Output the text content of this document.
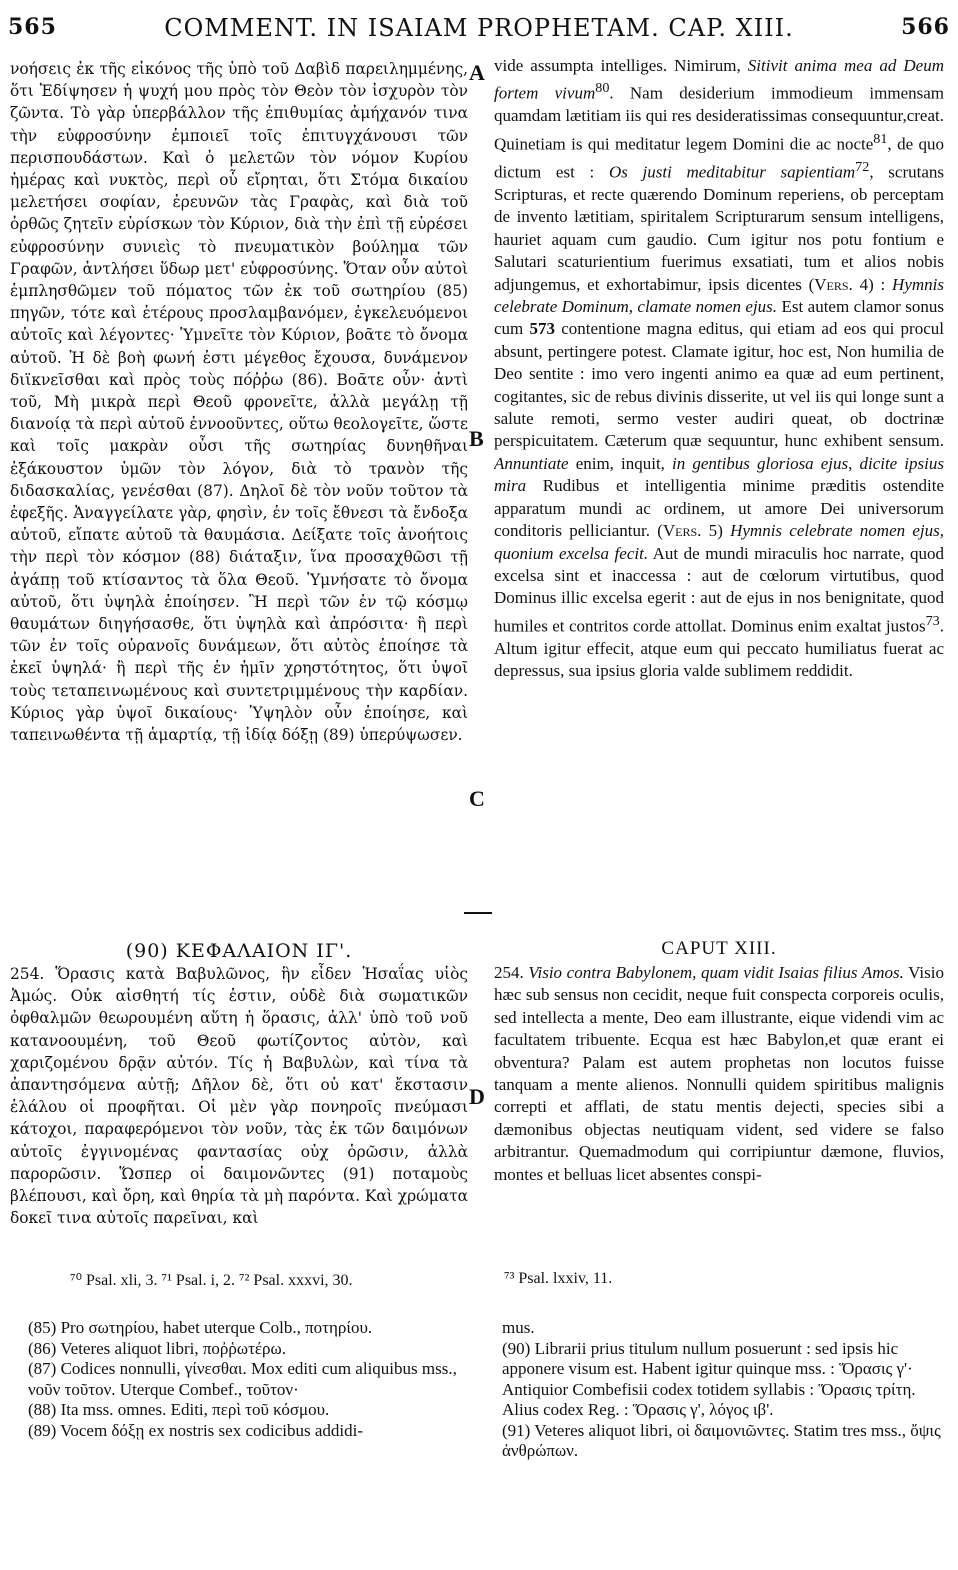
565	COMMENT. IN ISAIAM PROPHETAM. CAP. XIII.	566
νοήσεις ἐκ τῆς εἰκόνος τῆς ὑπὸ τοῦ Δαβὶδ παρειλημμένης, ὅτι Ἐδίψησεν ἡ ψυχή μου πρὸς τὸν Θεὸν τὸν ἰσχυρὸν τὸν ζῶντα. Τὸ γὰρ ὑπερβάλλον τῆς ἐπιθυμίας ἀμήχανόν τινα τὴν εὐφροσύνην ἐμποιεῖ τοῖς ἐπιτυγχάνουσι τῶν περισπουδάστων. Καὶ ὁ μελετῶν τὸν νόμον Κυρίου ἡμέρας καὶ νυκτὸς, περὶ οὗ εἴρηται, ὅτι Στόμα δικαίου μελετήσει σοφίαν, ἐρευνῶν τὰς Γραφὰς, καὶ διὰ τοῦ ὀρθῶς ζητεῖν εὑρίσκων τὸν Κύριον, διὰ τὴν ἐπὶ τῇ εὑρέσει εὐφροσύνην συνιεὶς τὸ πνευματικὸν βούλημα τῶν Γραφῶν, ἀντλήσει ὕδωρ μετ' εὐφροσύνης. Ὅταν οὖν αὐτοὶ ἐμπλησθῶμεν τοῦ πόματος τῶν ἐκ τοῦ σωτηρίου (85) πηγῶν, τότε καὶ ἑτέρους προσλαμβανόμεν, ἐγκελευόμενοι αὐτοῖς καὶ λέγοντες· Ὑμνεῖτε τὸν Κύριον, βοᾶτε τὸ ὄνομα αὐτοῦ. Ἡ δὲ βοὴ φωνή ἐστι μέγεθος ἔχουσα, δυνάμενον διϊκνεῖσθαι καὶ πρὸς τοὺς πόῤῥω (86). Βοᾶτε οὖν· ἀντὶ τοῦ, Μὴ μικρὰ περὶ Θεοῦ φρονεῖτε, ἀλλὰ μεγάλῃ τῇ διανοίᾳ τὰ περὶ αὐτοῦ ἐννοοῦντες, οὕτω θεολογεῖτε, ὥστε καὶ τοῖς μακρὰν οὖσι τῆς σωτηρίας δυνηθῆναι ἐξάκουστον ὑμῶν τὸν λόγον, διὰ τὸ τρανὸν τῆς διδασκαλίας, γενέσθαι (87). Δηλοῖ δὲ τὸν νοῦν τοῦτον τὰ ἐφεξῆς. Ἀναγγείλατε γὰρ, φησὶν, ἐν τοῖς ἔθνεσι τὰ ἔνδοξα αὐτοῦ, εἴπατε αὐτοῦ τὰ θαυμάσια. Δείξατε τοῖς ἀνοήτοις τὴν περὶ τὸν κόσμον (88) διάταξιν, ἵνα προσαχθῶσι τῇ ἀγάπῃ τοῦ κτίσαντος τὰ ὅλα Θεοῦ. Ὑμνήσατε τὸ ὄνομα αὐτοῦ, ὅτι ὑψηλὰ ἐποίησεν. Ἢ περὶ τῶν ἐν τῷ κόσμῳ θαυμάτων διηγήσασθε, ὅτι ὑψηλὰ καὶ ἀπρόσιτα· ἢ περὶ τῶν ἐν τοῖς οὐρανοῖς δυνάμεων, ὅτι αὐτὸς ἐποίησε τὰ ἐκεῖ ὑψηλά· ἢ περὶ τῆς ἐν ἡμῖν χρηστότητος, ὅτι ὑψοῖ τοὺς τεταπεινωμένους καὶ συντετριμμένους τὴν καρδίαν. Κύριος γὰρ ὑψοῖ δικαίους· Ὑψηλὸν οὖν ἐποίησε, καὶ ταπεινωθέντα τῇ ἁμαρτίᾳ, τῇ ἰδίᾳ δόξῃ (89) ὑπερύψωσεν.
vide assumpta intelliges. Nimirum, Sitivit anima mea ad Deum fortem vivum$^{80}$. Nam desiderium immodieum immensam quamdam lætitiam iis qui res desideratissimas consequuntur,creat. Quinetiam is qui meditatur legem Domini die ac nocte$^{81}$, de quo dictum est : Os justi meditabitur sapientiam$^{72}$, scrutans Scripturas, et recte quærendo Dominum reperiens, ob perceptam de invento lætitiam, spiritalem Scripturarum sensum intelligens, hauriet aquam cum gaudio. Cum igitur nos potu fontium e Salutari scaturientium fuerimus exsatiati, tum et alios nobis adjungemus, et exhortabimur, ipsis dicentes (Vers. 4) : Hymnis celebrate Dominum, clamate nomen ejus. Est autem clamor sonus cum 573 contentione magna editus, qui etiam ad eos qui procul absunt, pertingere potest. Clamate igitur, hoc est, Non humilia de Deo sentite : imo vero ingenti animo ea quæ ad eum pertinent, cogitantes, sic de rebus divinis disserite, ut vel iis qui longe sunt a salute remoti, sermo vester audiri queat, ob doctrinæ perspicuitatem. Cæterum quæ sequuntur, hunc exhibent sensum. Annuntiate enim, inquit, in gentibus gloriosa ejus, dicite ipsius mira Rudibus et intelligentia minime præditis ostendite apparatum mundi ac ordinem, ut amore Dei universorum conditoris pelliciantur. (Vers. 5) Hymnis celebrate nomen ejus, quonium excelsa fecit. Aut de mundi miraculis hoc narrate, quod excelsa sint et inaccessa : aut de cœlorum virtutibus, quod Dominus illic excelsa egerit : aut de ejus in nos benignitate, quod humiles et contritos corde attollat. Dominus enim exaltat justos$^{73}$. Altum igitur effecit, atque eum qui peccato humiliatus fuerat ac depressus, sua ipsius gloria valde sublimem reddidit.
A
B
C
D
(90) ΚΕΦΑΛΑΙΟΝ ΙΓ'.	CAPUT XIII.
254. Ὅρασις κατὰ Βαβυλῶνος, ἣν εἶδεν Ἡσαΐας υἱὸς Ἀμώς. Οὐκ αἰσθητή τίς ἐστιν, οὐδὲ διὰ σωματικῶν ὀφθαλμῶν θεωρουμένη αὕτη ἡ ὅρασις, ἀλλ' ὑπὸ τοῦ νοῦ κατανοουμένη, τοῦ Θεοῦ φωτίζοντος αὐτὸν, καὶ χαριζομένου δρᾷν αὐτόν. Τίς ἡ Βαβυλὼν, καὶ τίνα τὰ ἀπαντησόμενα αὐτῇ; Δῆλον δὲ, ὅτι οὐ κατ' ἔκστασιν ἐλάλου οἱ προφῆται. Οἱ μὲν γὰρ πονηροῖς πνεύμασι κάτοχοι, παραφερόμενοι τὸν νοῦν, τὰς ἐκ τῶν δαιμόνων αὐτοῖς ἐγγινομένας φαντασίας οὐχ ὁρῶσιν, ἀλλὰ παρορῶσιν. Ὥσπερ οἱ δαιμονῶντες (91) ποταμοὺς βλέπουσι, καὶ ὄρη, καὶ θηρία τὰ μὴ παρόντα. Καὶ χρώματα δοκεῖ τινα αὐτοῖς παρεῖναι, καὶ
254. Visio contra Babylonem, quam vidit Isaias filius Amos. Visio hæc sub sensus non cecidit, neque fuit conspecta corporeis oculis, sed intellecta a mente, Deo eam illustrante, eique videndi vim ac facultatem tribuente. Ecqua est hæc Babylon,et quæ erant ei obventura? Palam est autem prophetas non locutos fuisse tanquam a mente alienos. Nonnulli quidem spiritibus malignis correpti et afflati, de statu mentis dejecti, species sibi a dæmonibus objectas neutiquam vident, sed videre se falso arbitrantur. Quemadmodum qui corripiuntur dæmone, fluvios, montes et belluas licet absentes conspi-
⁷⁰ Psal. xli, 3. ⁷¹ Psal. i, 2. ⁷² Psal. xxxvi, 30.	⁷³ Psal. lxxiv, 11.

(85) Pro σωτηρίου, habet uterque Colb., ποτηρίου.

(86) Veteres aliquot libri, ποῤῥωτέρω.

(87) Codices nonnulli, γίνεσθαι. Mox editi cum aliquibus mss., νοῦν τοῦτον. Uterque Combef., τοῦτον·

(88) Ita mss. omnes. Editi, περὶ τοῦ κόσμου.

(89) Vocem δόξῃ ex nostris sex codicibus addidi-

mus.

(90) Librarii prius titulum nullum posuerunt : sed ipsis hic apponere visum est. Habent igitur quinque mss. : Ὅρασις γ'· Antiquior Combefisii codex totidem syllabis : Ὅρασις τρίτη. Alius codex Reg. : Ὅρασις γ', λόγος ιβ'.

(91) Veteres aliquot libri, οἱ δαιμονιῶντες. Statim tres mss., ὄψις ἀνθρώπων.
